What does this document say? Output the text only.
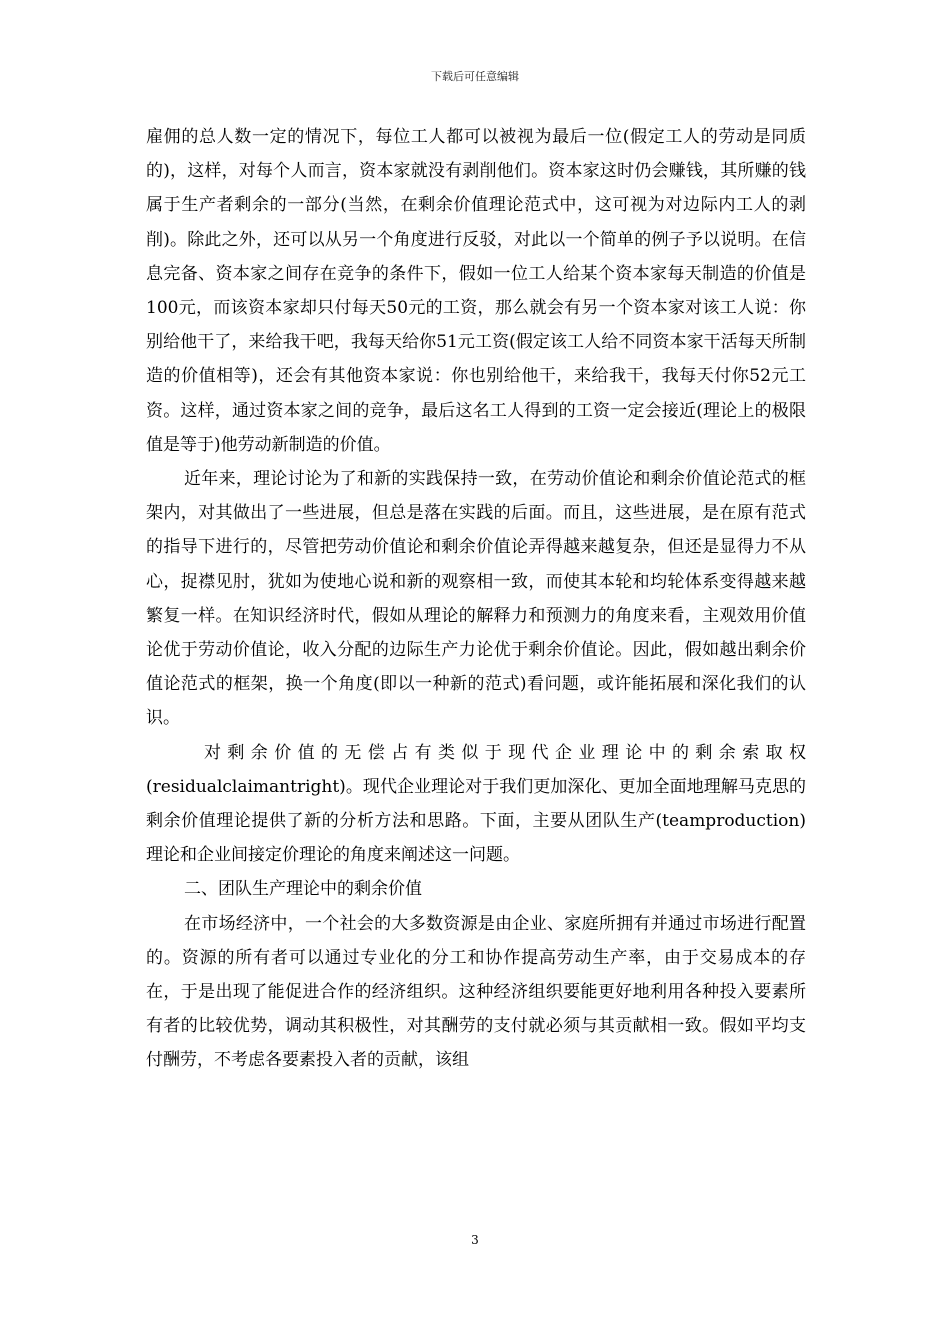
下载后可任意编辑

雇佣的总人数一定的情况下，每位工人都可以被视为最后一位(假定工人的劳动是同质的)，这样，对每个人而言，资本家就没有剥削他们。资本家这时仍会赚钱，其所赚的钱属于生产者剩余的一部分(当然，在剩余价值理论范式中，这可视为对边际内工人的剥削)。除此之外，还可以从另一个角度进行反驳，对此以一个简单的例子予以说明。在信息完备、资本家之间存在竞争的条件下，假如一位工人给某个资本家每天制造的价值是100元，而该资本家却只付每天50元的工资，那么就会有另一个资本家对该工人说：你别给他干了，来给我干吧，我每天给你51元工资(假定该工人给不同资本家干活每天所制造的价值相等)，还会有其他资本家说：你也别给他干，来给我干，我每天付你52元工资。这样，通过资本家之间的竞争，最后这名工人得到的工资一定会接近(理论上的极限值是等于)他劳动新制造的价值。

近年来，理论讨论为了和新的实践保持一致，在劳动价值论和剩余价值论范式的框架内，对其做出了一些进展，但总是落在实践的后面。而且，这些进展，是在原有范式的指导下进行的，尽管把劳动价值论和剩余价值论弄得越来越复杂，但还是显得力不从心，捉襟见肘，犹如为使地心说和新的观察相一致，而使其本轮和均轮体系变得越来越繁复一样。在知识经济时代，假如从理论的解释力和预测力的角度来看，主观效用价值论优于劳动价值论，收入分配的边际生产力论优于剩余价值论。因此，假如越出剩余价值论范式的框架，换一个角度(即以一种新的范式)看问题，或许能拓展和深化我们的认识。

对剩余价值的无偿占有类似于现代企业理论中的剩余索取权(residualclaimantright)。现代企业理论对于我们更加深化、更加全面地理解马克思的剩余价值理论提供了新的分析方法和思路。下面，主要从团队生产(teamproduction)理论和企业间接定价理论的角度来阐述这一问题。

二、团队生产理论中的剩余价值

在市场经济中，一个社会的大多数资源是由企业、家庭所拥有并通过市场进行配置的。资源的所有者可以通过专业化的分工和协作提高劳动生产率，由于交易成本的存在，于是出现了能促进合作的经济组织。这种经济组织要能更好地利用各种投入要素所有者的比较优势，调动其积极性，对其酬劳的支付就必须与其贡献相一致。假如平均支付酬劳，不考虑各要素投入者的贡献，该组

3
